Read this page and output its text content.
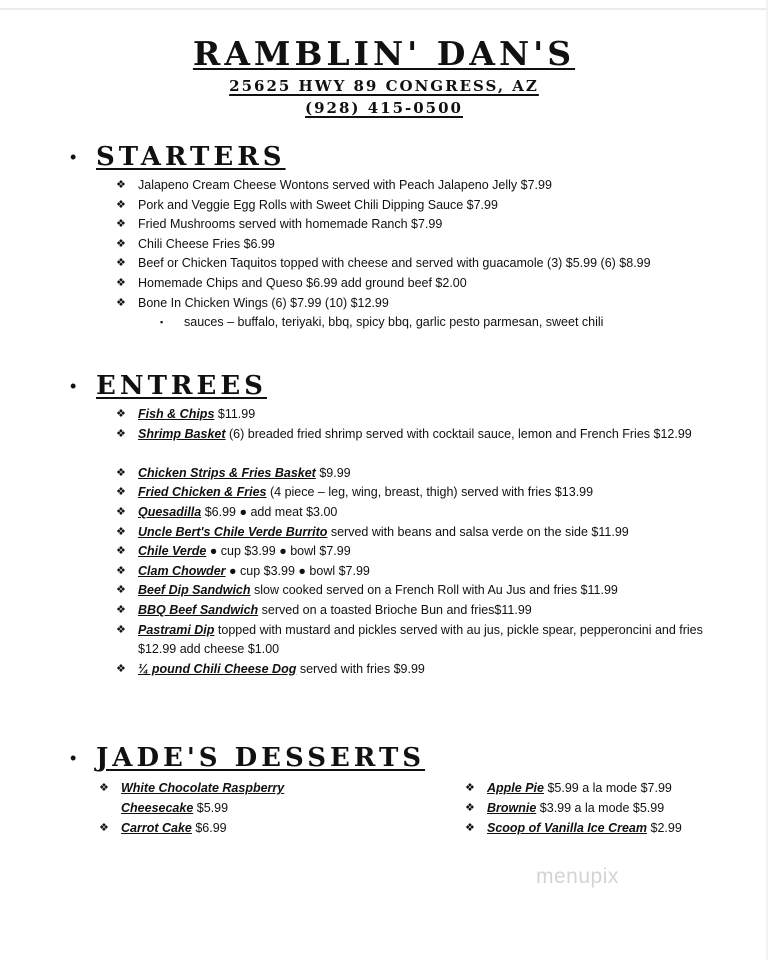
RAMBLIN' DAN'S
25625 HWY 89 CONGRESS, AZ
(928) 415-0500
• STARTERS
❖ Jalapeno Cream Cheese Wontons served with Peach Jalapeno Jelly $7.99
❖ Pork and Veggie Egg Rolls with Sweet Chili Dipping Sauce $7.99
❖ Fried Mushrooms served with homemade Ranch $7.99
❖ Chili Cheese Fries $6.99
❖ Beef or Chicken Taquitos topped with cheese and served with guacamole (3) $5.99 (6) $8.99
❖ Homemade Chips and Queso $6.99 add ground beef $2.00
❖ Bone In Chicken Wings (6) $7.99 (10) $12.99
▪	sauces – buffalo, teriyaki, bbq, spicy bbq, garlic pesto parmesan, sweet chili
• ENTREES
❖ Fish & Chips $11.99
❖ Shrimp Basket (6) breaded fried shrimp served with cocktail sauce, lemon and French Fries $12.99
❖ Chicken Strips & Fries Basket $9.99
❖ Fried Chicken & Fries (4 piece – leg, wing, breast, thigh) served with fries $13.99
❖ Quesadilla $6.99 ● add meat $3.00
❖ Uncle Bert's Chile Verde Burrito served with beans and salsa verde on the side $11.99
❖ Chile Verde ● cup $3.99 ● bowl $7.99
❖ Clam Chowder ● cup $3.99 ● bowl $7.99
❖ Beef Dip Sandwich slow cooked served on a French Roll with Au Jus and fries $11.99
❖ BBQ Beef Sandwich served on a toasted Brioche Bun and fries$11.99
❖ Pastrami Dip topped with mustard and pickles served with au jus, pickle spear, pepperoncini and fries $12.99 add cheese $1.00
❖ ¼ pound Chili Cheese Dog served with fries $9.99
• JADE'S DESSERTS
❖ White Chocolate Raspberry Cheesecake $5.99
❖ Carrot Cake $6.99
❖ Apple Pie $5.99 a la mode $7.99
❖ Brownie $3.99 a la mode $5.99
❖ Scoop of Vanilla Ice Cream $2.99
menupix
